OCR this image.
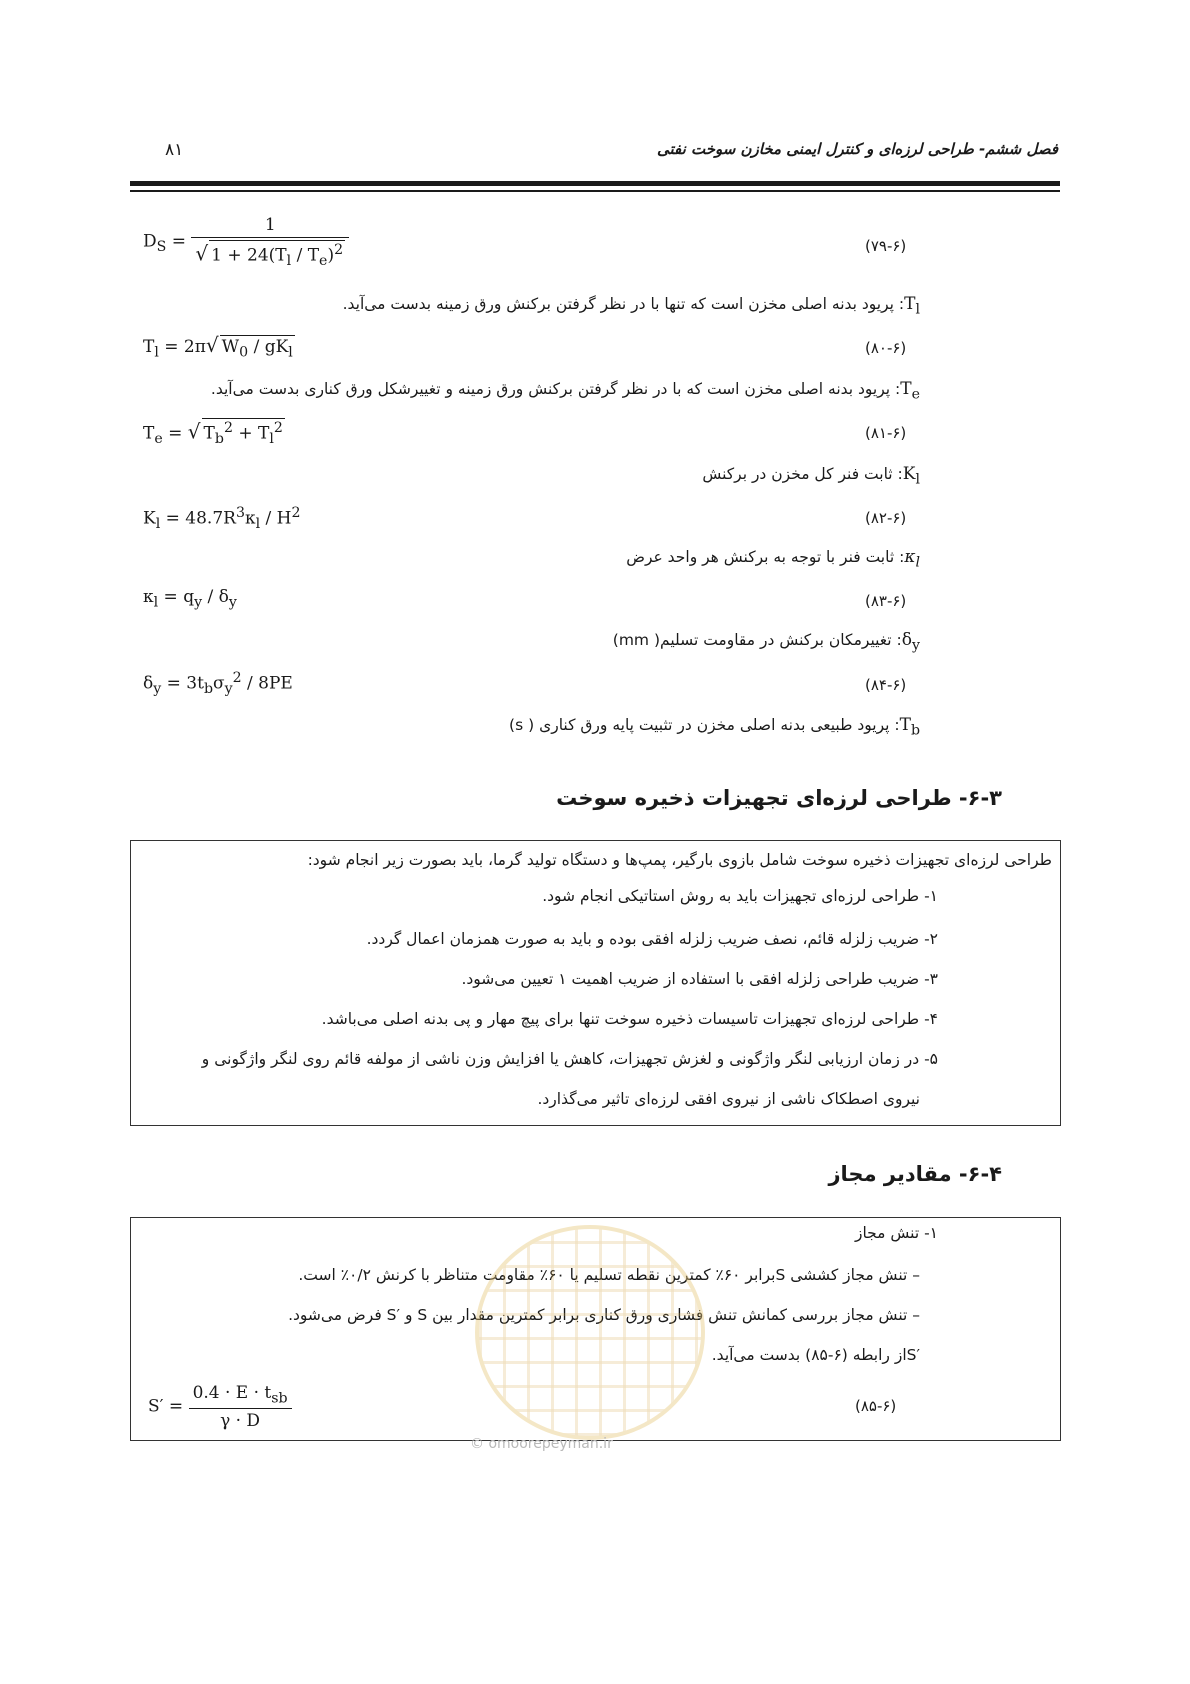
فصل ششم- طراحی لرزه‌ای و کنترل ایمنی مخازن سوخت نفتی
۸۱
$D_S = \frac{1}{√ 1 + 24(T_l / T_e)^2}$	(۷۹-۶)
$T_l$: پریود بدنه اصلی مخزن است که تنها با در نظر گرفتن برکنش ورق زمینه بدست می‌آید.
$T_l = 2\pi√$ $W_0 / gK_l$	(۸۰-۶)
$T_e$: پریود بدنه اصلی مخزن است که با در نظر گرفتن برکنش ورق زمینه و تغییرشکل ورق کناری بدست می‌آید.
$T_e$ = √ $T_b^2 + T_l^2$	(۸۱-۶)
$K_l$: ثابت فنر کل مخزن در برکنش
$K_l = 48.7R^3\kappa_l / H^2$	(۸۲-۶)
$\kappa_l$: ثابت فنر با توجه به برکنش هر واحد عرض
$\kappa_l = q_y / \delta_y$	(۸۳-۶)
$\delta_y$: تغییرمکان برکنش در مقاومت تسلیم( mm)
$\delta_y = 3t_b\sigma_y^2 / 8PE$	(۸۴-۶)
$T_b$: پریود طبیعی بدنه اصلی مخزن در تثبیت پایه ورق کناری ( s)
۶-۳- طراحی لرزه‌ای تجهیزات ذخیره سوخت
طراحی لرزه‌ای تجهیزات ذخیره سوخت شامل بازوی بارگیر، پمپ‌ها و دستگاه تولید گرما، باید بصورت زیر انجام شود:
۱- طراحی لرزه‌ای تجهیزات باید به روش استاتیکی انجام شود.
۲- ضریب زلزله قائم، نصف ضریب زلزله افقی بوده و باید به صورت همزمان اعمال گردد.
۳- ضریب طراحی زلزله افقی با استفاده از ضریب اهمیت ۱ تعیین می‌شود.
۴- طراحی لرزه‌ای تجهیزات تاسیسات ذخیره سوخت تنها برای پیچ مهار و پی بدنه اصلی می‌باشد.
۵- در زمان ارزیابی لنگر واژگونی و لغزش تجهیزات، کاهش یا افزایش وزن ناشی از مولفه قائم روی لنگر واژگونی و
نیروی اصطکاک ناشی از نیروی افقی لرزه‌ای تاثیر می‌گذارد.
۶-۴- مقادیر مجاز
۱- تنش مجاز
– تنش مجاز کششی Sبرابر ۶۰٪ کمترین نقطه تسلیم یا ۶۰٪ مقاومت متناظر با کرنش ۰/۲٪ است.
– تنش مجاز بررسی کمانش تنش فشاری ورق کناری برابر کمترین مقدار بین S و ′S فرض می‌شود.
′Sاز رابطه (۶-۸۵) بدست می‌آید.
$S' = \frac{0.4 \cdot E \cdot t_{sb}}{\gamma \cdot D}$	(۸۵-۶)
© omoorepeyman.ir
